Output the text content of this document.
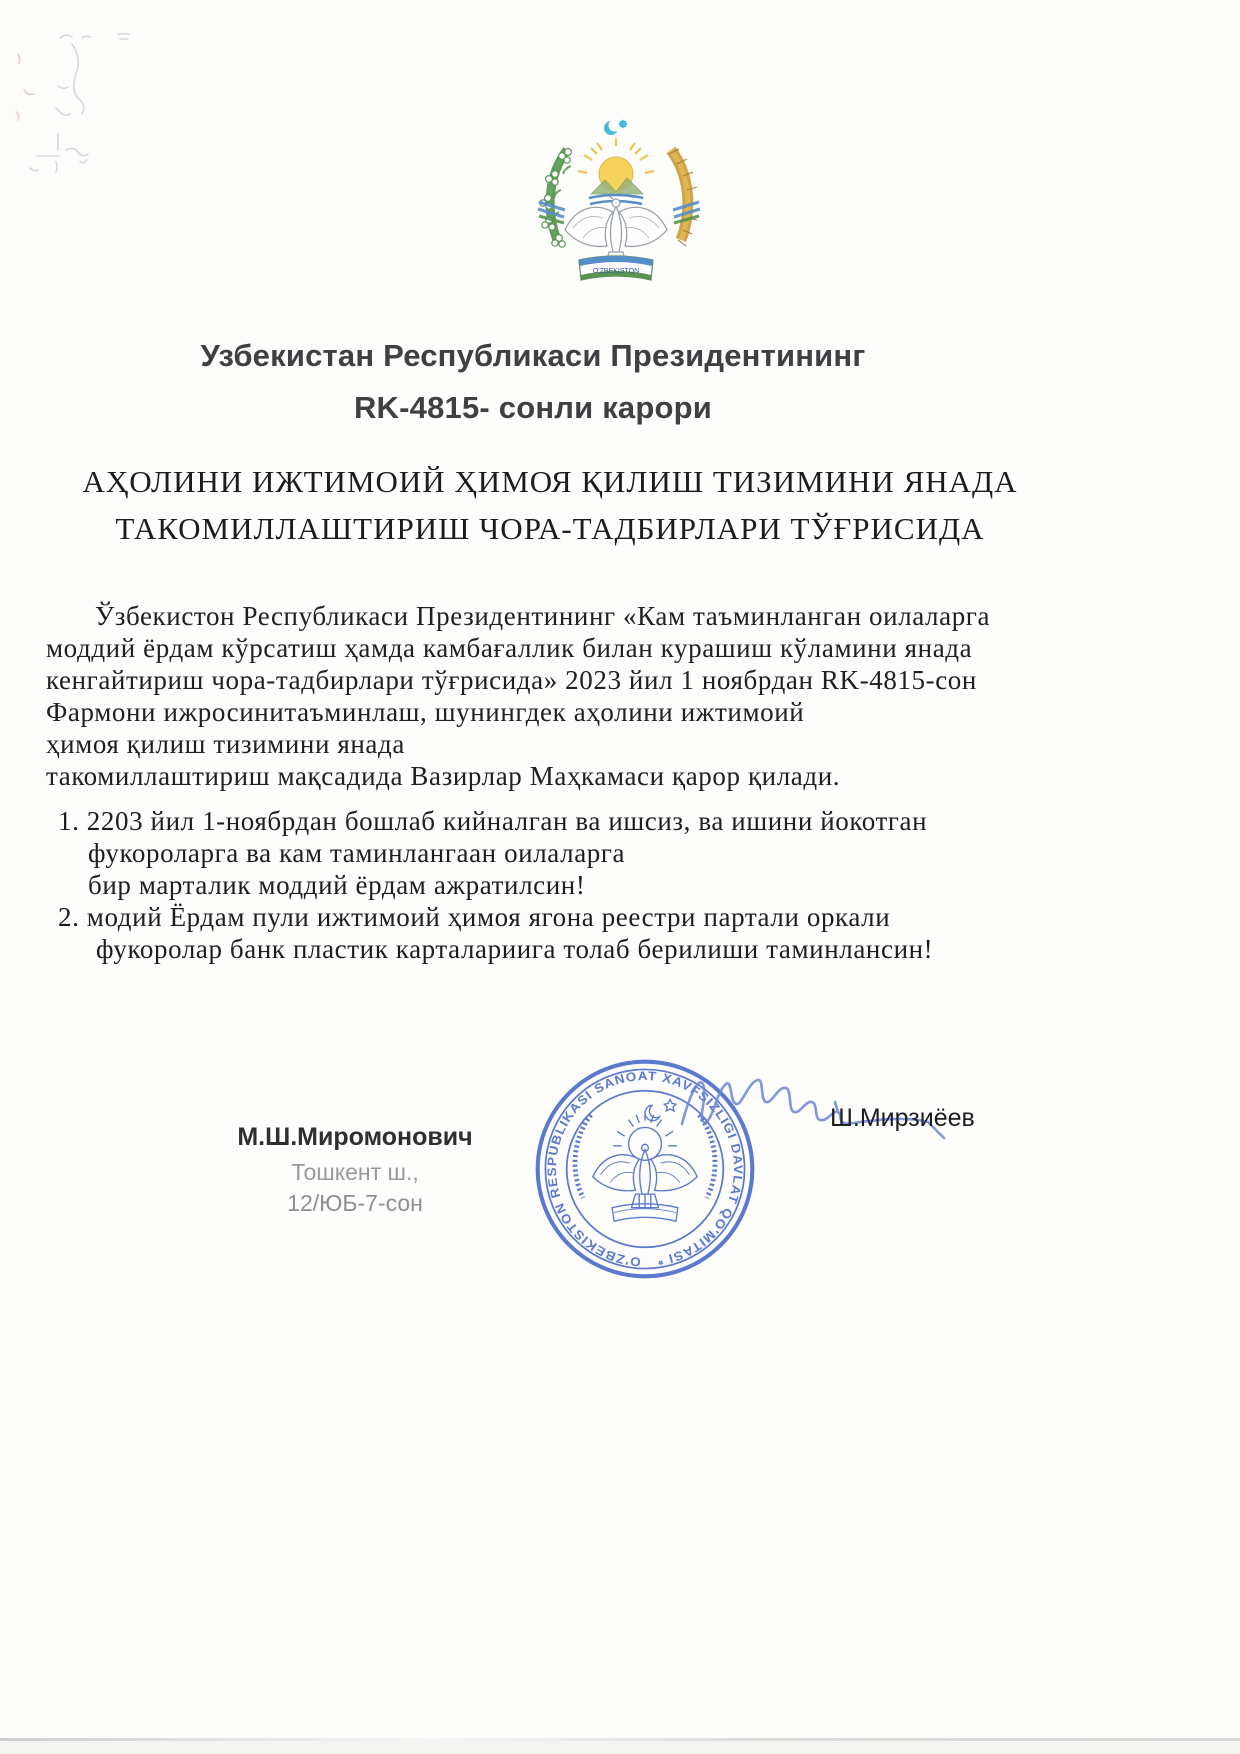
O'ZBEKISTON
Узбекистан Республикаси Президентининг
RK-4815- сонли карори
АҲОЛИНИ ИЖТИМОИЙ ҲИМОЯ ҚИЛИШ ТИЗИМИНИ ЯНАДА
ТАКОМИЛЛАШТИРИШ ЧОРА-ТАДБИРЛАРИ ТЎҒРИСИДА
Ўзбекистон Республикаси Президентининг «Кам таъминланган оилаларга
моддий ёрдам кўрсатиш ҳамда камбағаллик билан курашиш кўламини янада
кенгайтириш чора-тадбирлари тўғрисида» 2023 йил 1 ноябрдан RK-4815-сон
Фармони ижросинитаъминлаш, шунингдек аҳолини ижтимоий
ҳимоя қилиш тизимини янада
такомиллаштириш мақсадида Вазирлар Маҳкамаси қарор қилади.
1. 2203 йил 1-ноябрдан бошлаб кийналган ва ишсиз, ва ишини йокотган
фукороларга ва кам таминлангаан оилаларга
бир марталик моддий ёрдам ажратилсин!
2. модий Ёрдам пули ижтимоий ҳимоя ягона реестри партали оркали
фукоролар банк пластик карталариига толаб берилиши таминлансин!
М.Ш.Миромонович
Тошкент ш.,
12/ЮБ-7-сон
O'ZBEKISTON RESPUBLIKASI SANOAT XAVFSIZLIGI DAVLAT QO'MITASI *
Ш.Мирзиёев
